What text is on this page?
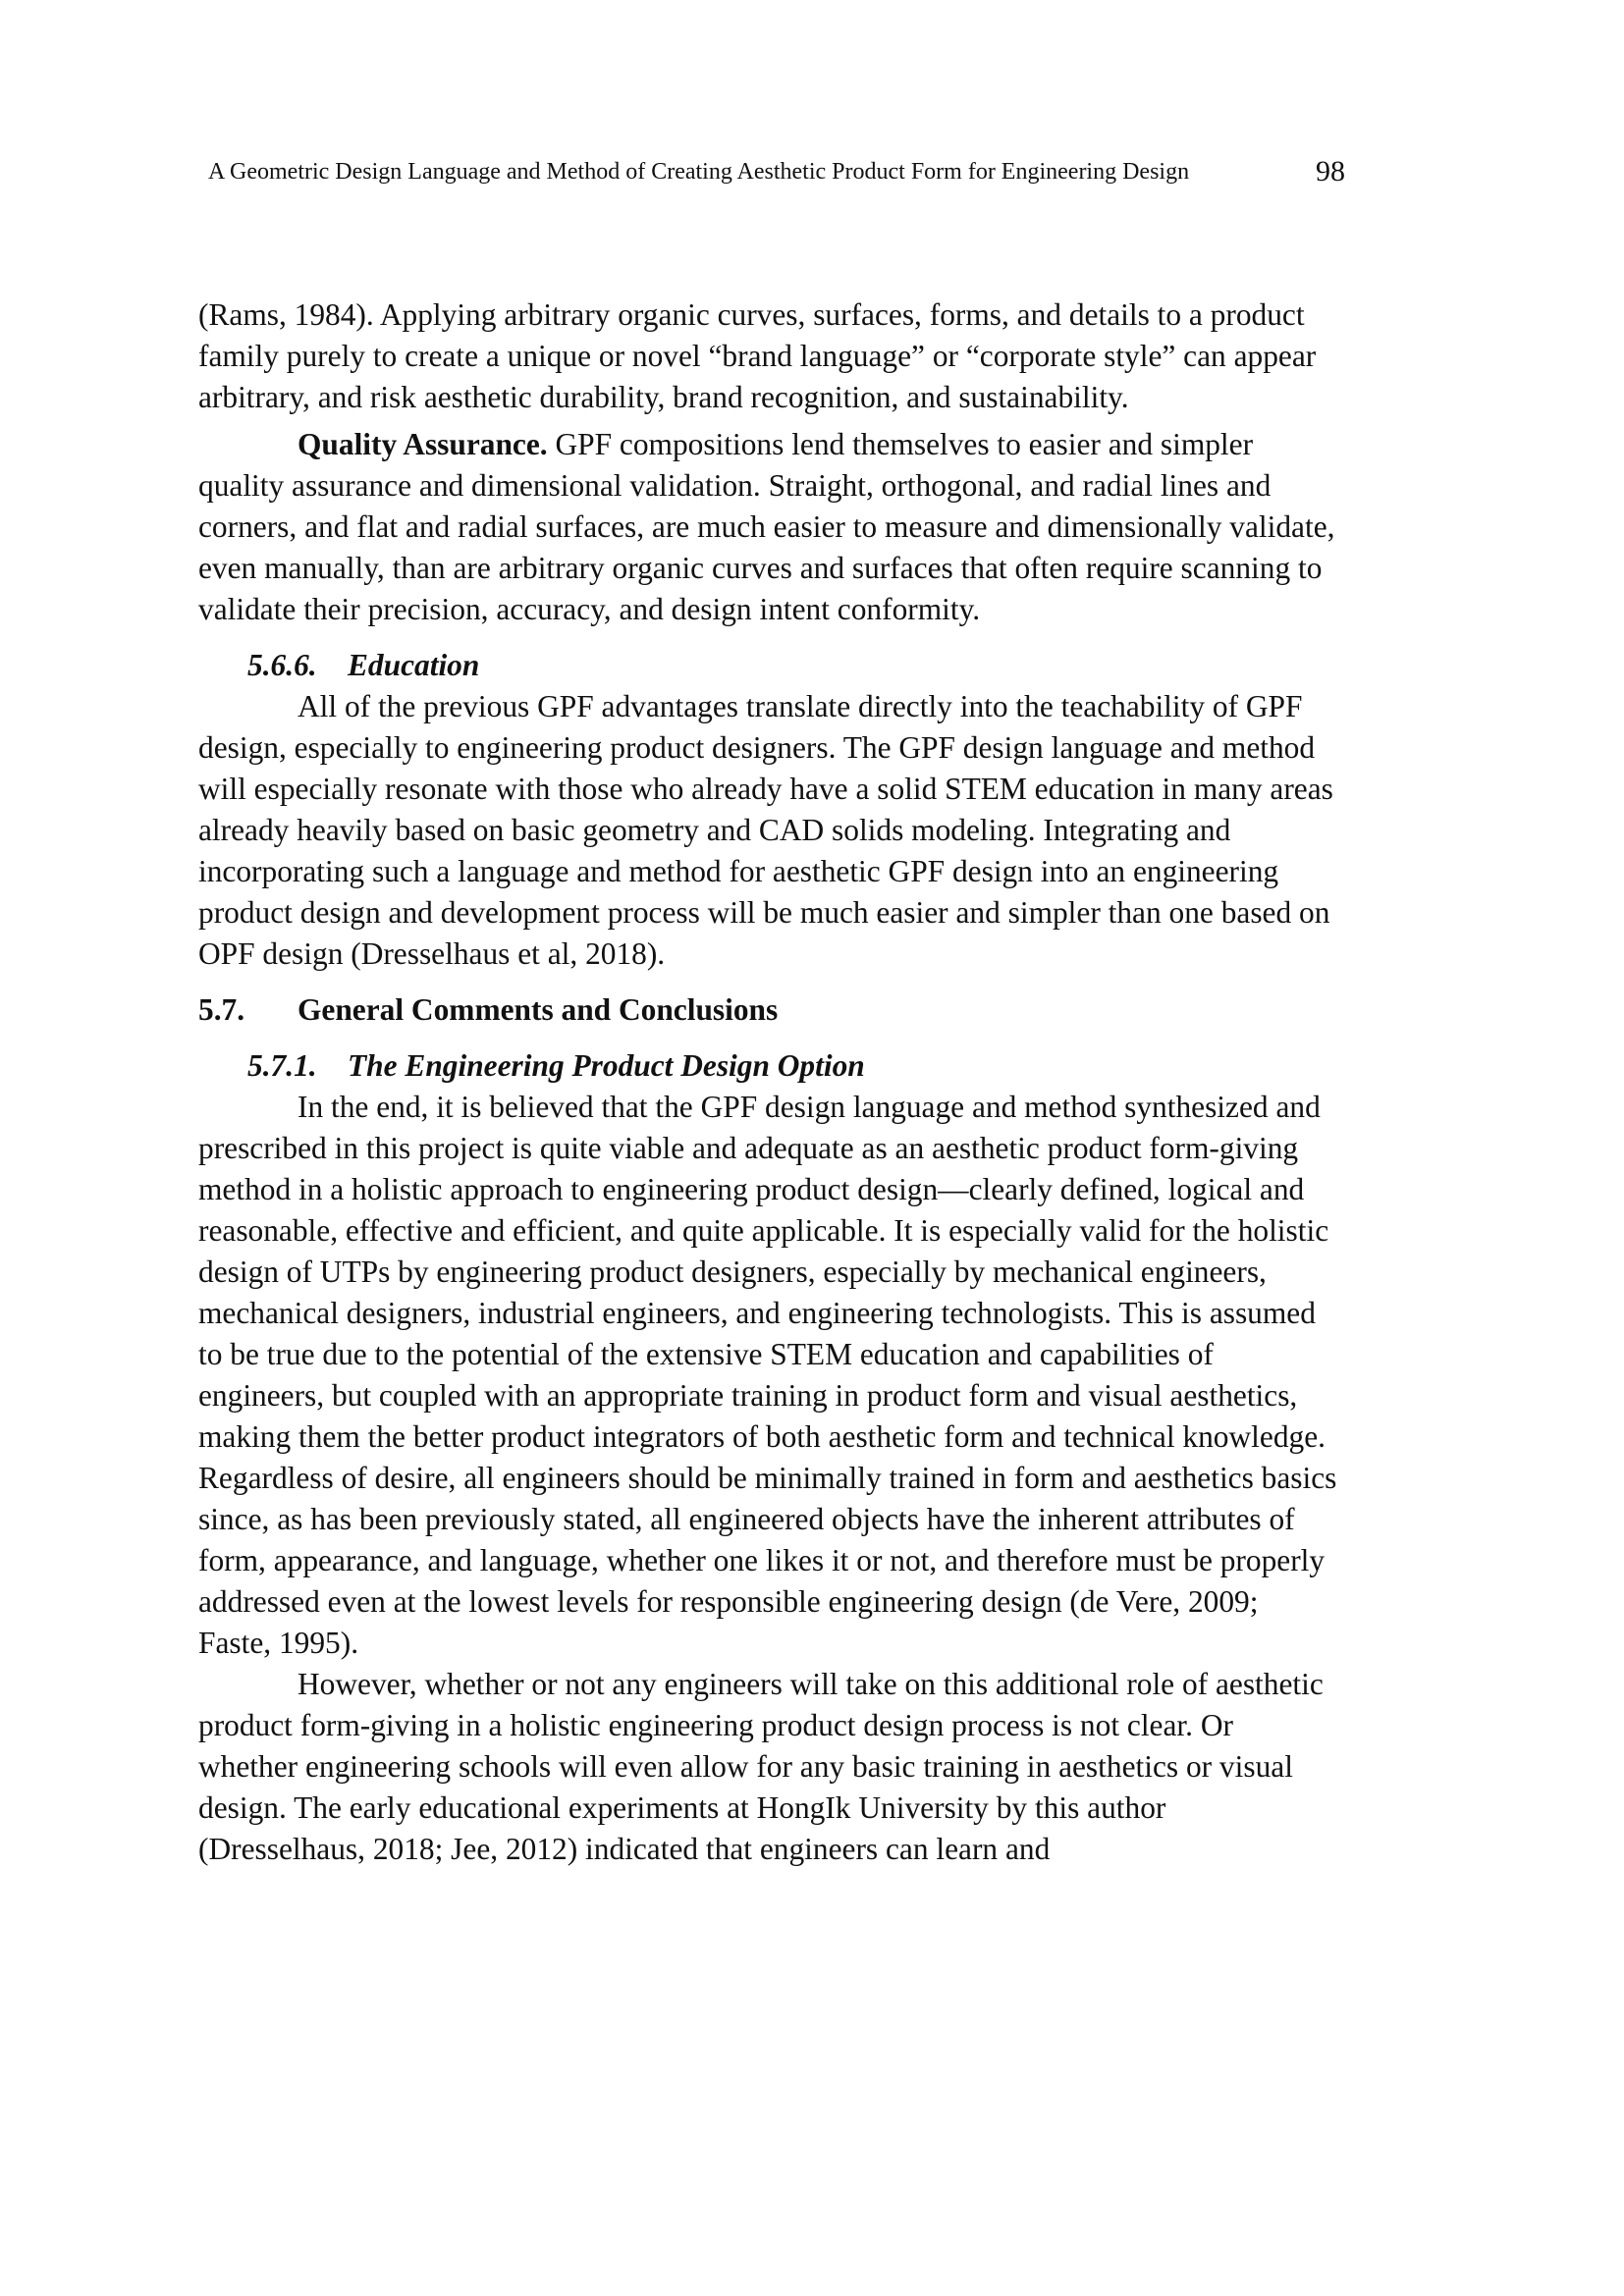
A Geometric Design Language and Method of Creating Aesthetic Product Form for Engineering Design	98

(Rams, 1984). Applying arbitrary organic curves, surfaces, forms, and details to a product family purely to create a unique or novel “brand language” or “corporate style” can appear arbitrary, and risk aesthetic durability, brand recognition, and sustainability.

Quality Assurance. GPF compositions lend themselves to easier and simpler quality assurance and dimensional validation. Straight, orthogonal, and radial lines and corners, and flat and radial surfaces, are much easier to measure and dimensionally validate, even manually, than are arbitrary organic curves and surfaces that often require scanning to validate their precision, accuracy, and design intent conformity.

5.6.6. Education

All of the previous GPF advantages translate directly into the teachability of GPF design, especially to engineering product designers. The GPF design language and method will especially resonate with those who already have a solid STEM education in many areas already heavily based on basic geometry and CAD solids modeling. Integrating and incorporating such a language and method for aesthetic GPF design into an engineering product design and development process will be much easier and simpler than one based on OPF design (Dresselhaus et al, 2018).

5.7. General Comments and Conclusions
5.7.1. The Engineering Product Design Option

In the end, it is believed that the GPF design language and method synthesized and prescribed in this project is quite viable and adequate as an aesthetic product form-giving method in a holistic approach to engineering product design—clearly defined, logical and reasonable, effective and efficient, and quite applicable. It is especially valid for the holistic design of UTPs by engineering product designers, especially by mechanical engineers, mechanical designers, industrial engineers, and engineering technologists. This is assumed to be true due to the potential of the extensive STEM education and capabilities of engineers, but coupled with an appropriate training in product form and visual aesthetics, making them the better product integrators of both aesthetic form and technical knowledge. Regardless of desire, all engineers should be minimally trained in form and aesthetics basics since, as has been previously stated, all engineered objects have the inherent attributes of form, appearance, and language, whether one likes it or not, and therefore must be properly addressed even at the lowest levels for responsible engineering design (de Vere, 2009; Faste, 1995).

However, whether or not any engineers will take on this additional role of aesthetic product form-giving in a holistic engineering product design process is not clear. Or whether engineering schools will even allow for any basic training in aesthetics or visual design. The early educational experiments at HongIk University by this author (Dresselhaus, 2018; Jee, 2012) indicated that engineers can learn and
